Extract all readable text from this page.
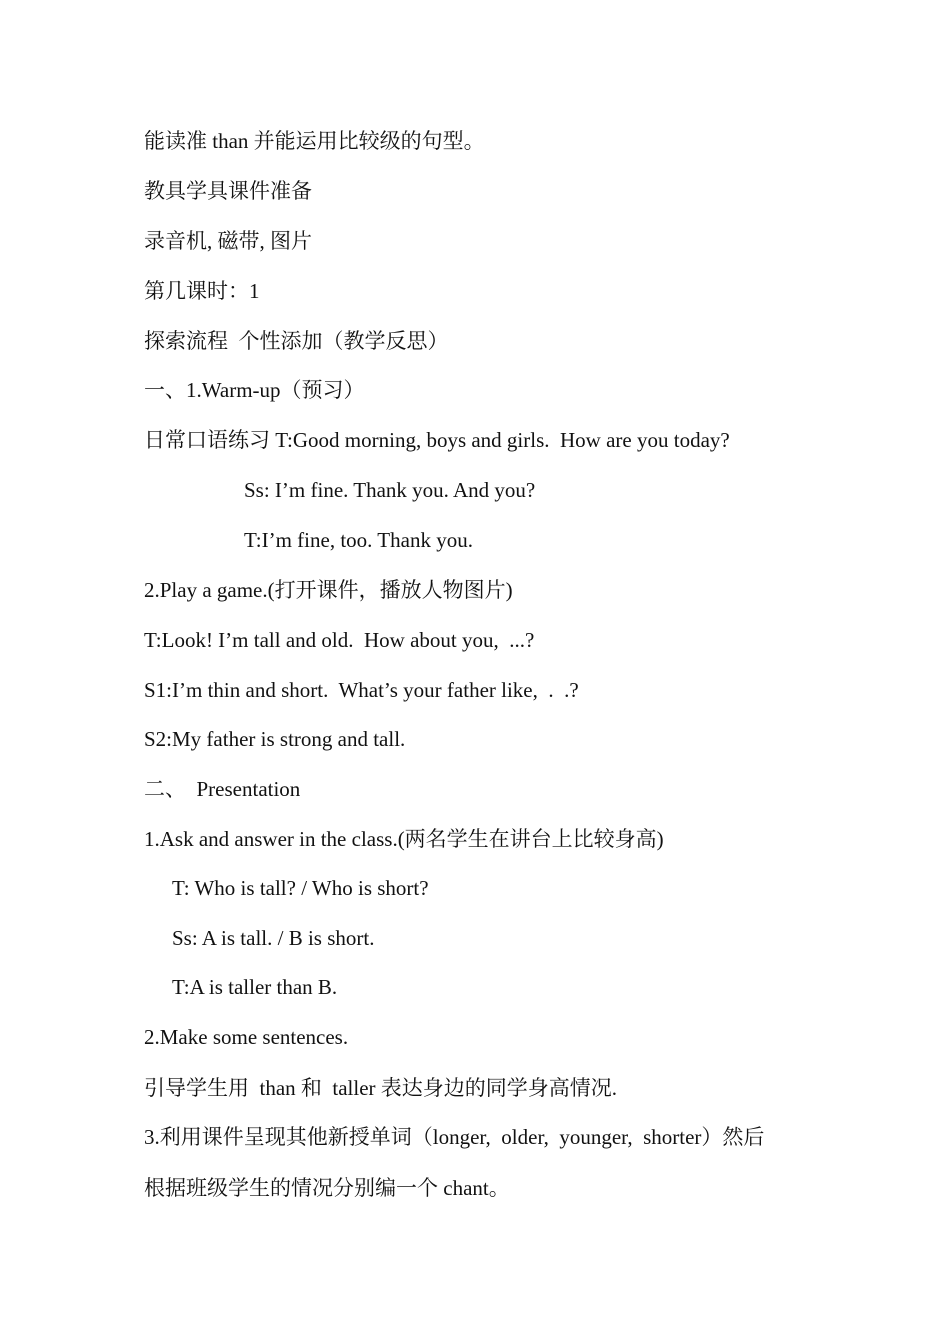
能读准 than 并能运用比较级的句型。
教具学具课件准备
录音机, 磁带, 图片
第几课时：1
探索流程  个性添加（教学反思）
一、1.Warm-up（预习）
日常口语练习 T:Good morning, boys and girls.  How are you today?
Ss: I’m fine. Thank you. And you?
T:I’m fine, too. Thank you.
2.Play a game.(打开课件，播放人物图片)
T:Look! I’m tall and old.  How about you,  ...?
S1:I’m thin and short.  What’s your father like,  .  .?
S2:My father is strong and tall.
二、  Presentation
1.Ask and answer in the class.(两名学生在讲台上比较身高)
T: Who is tall? / Who is short?
Ss: A is tall. / B is short.
T:A is taller than B.
2.Make some sentences.
引导学生用  than 和  taller 表达身边的同学身高情况.
3.利用课件呈现其他新授单词（longer,  older,  younger,  shorter）然后
根据班级学生的情况分别编一个 chant。
